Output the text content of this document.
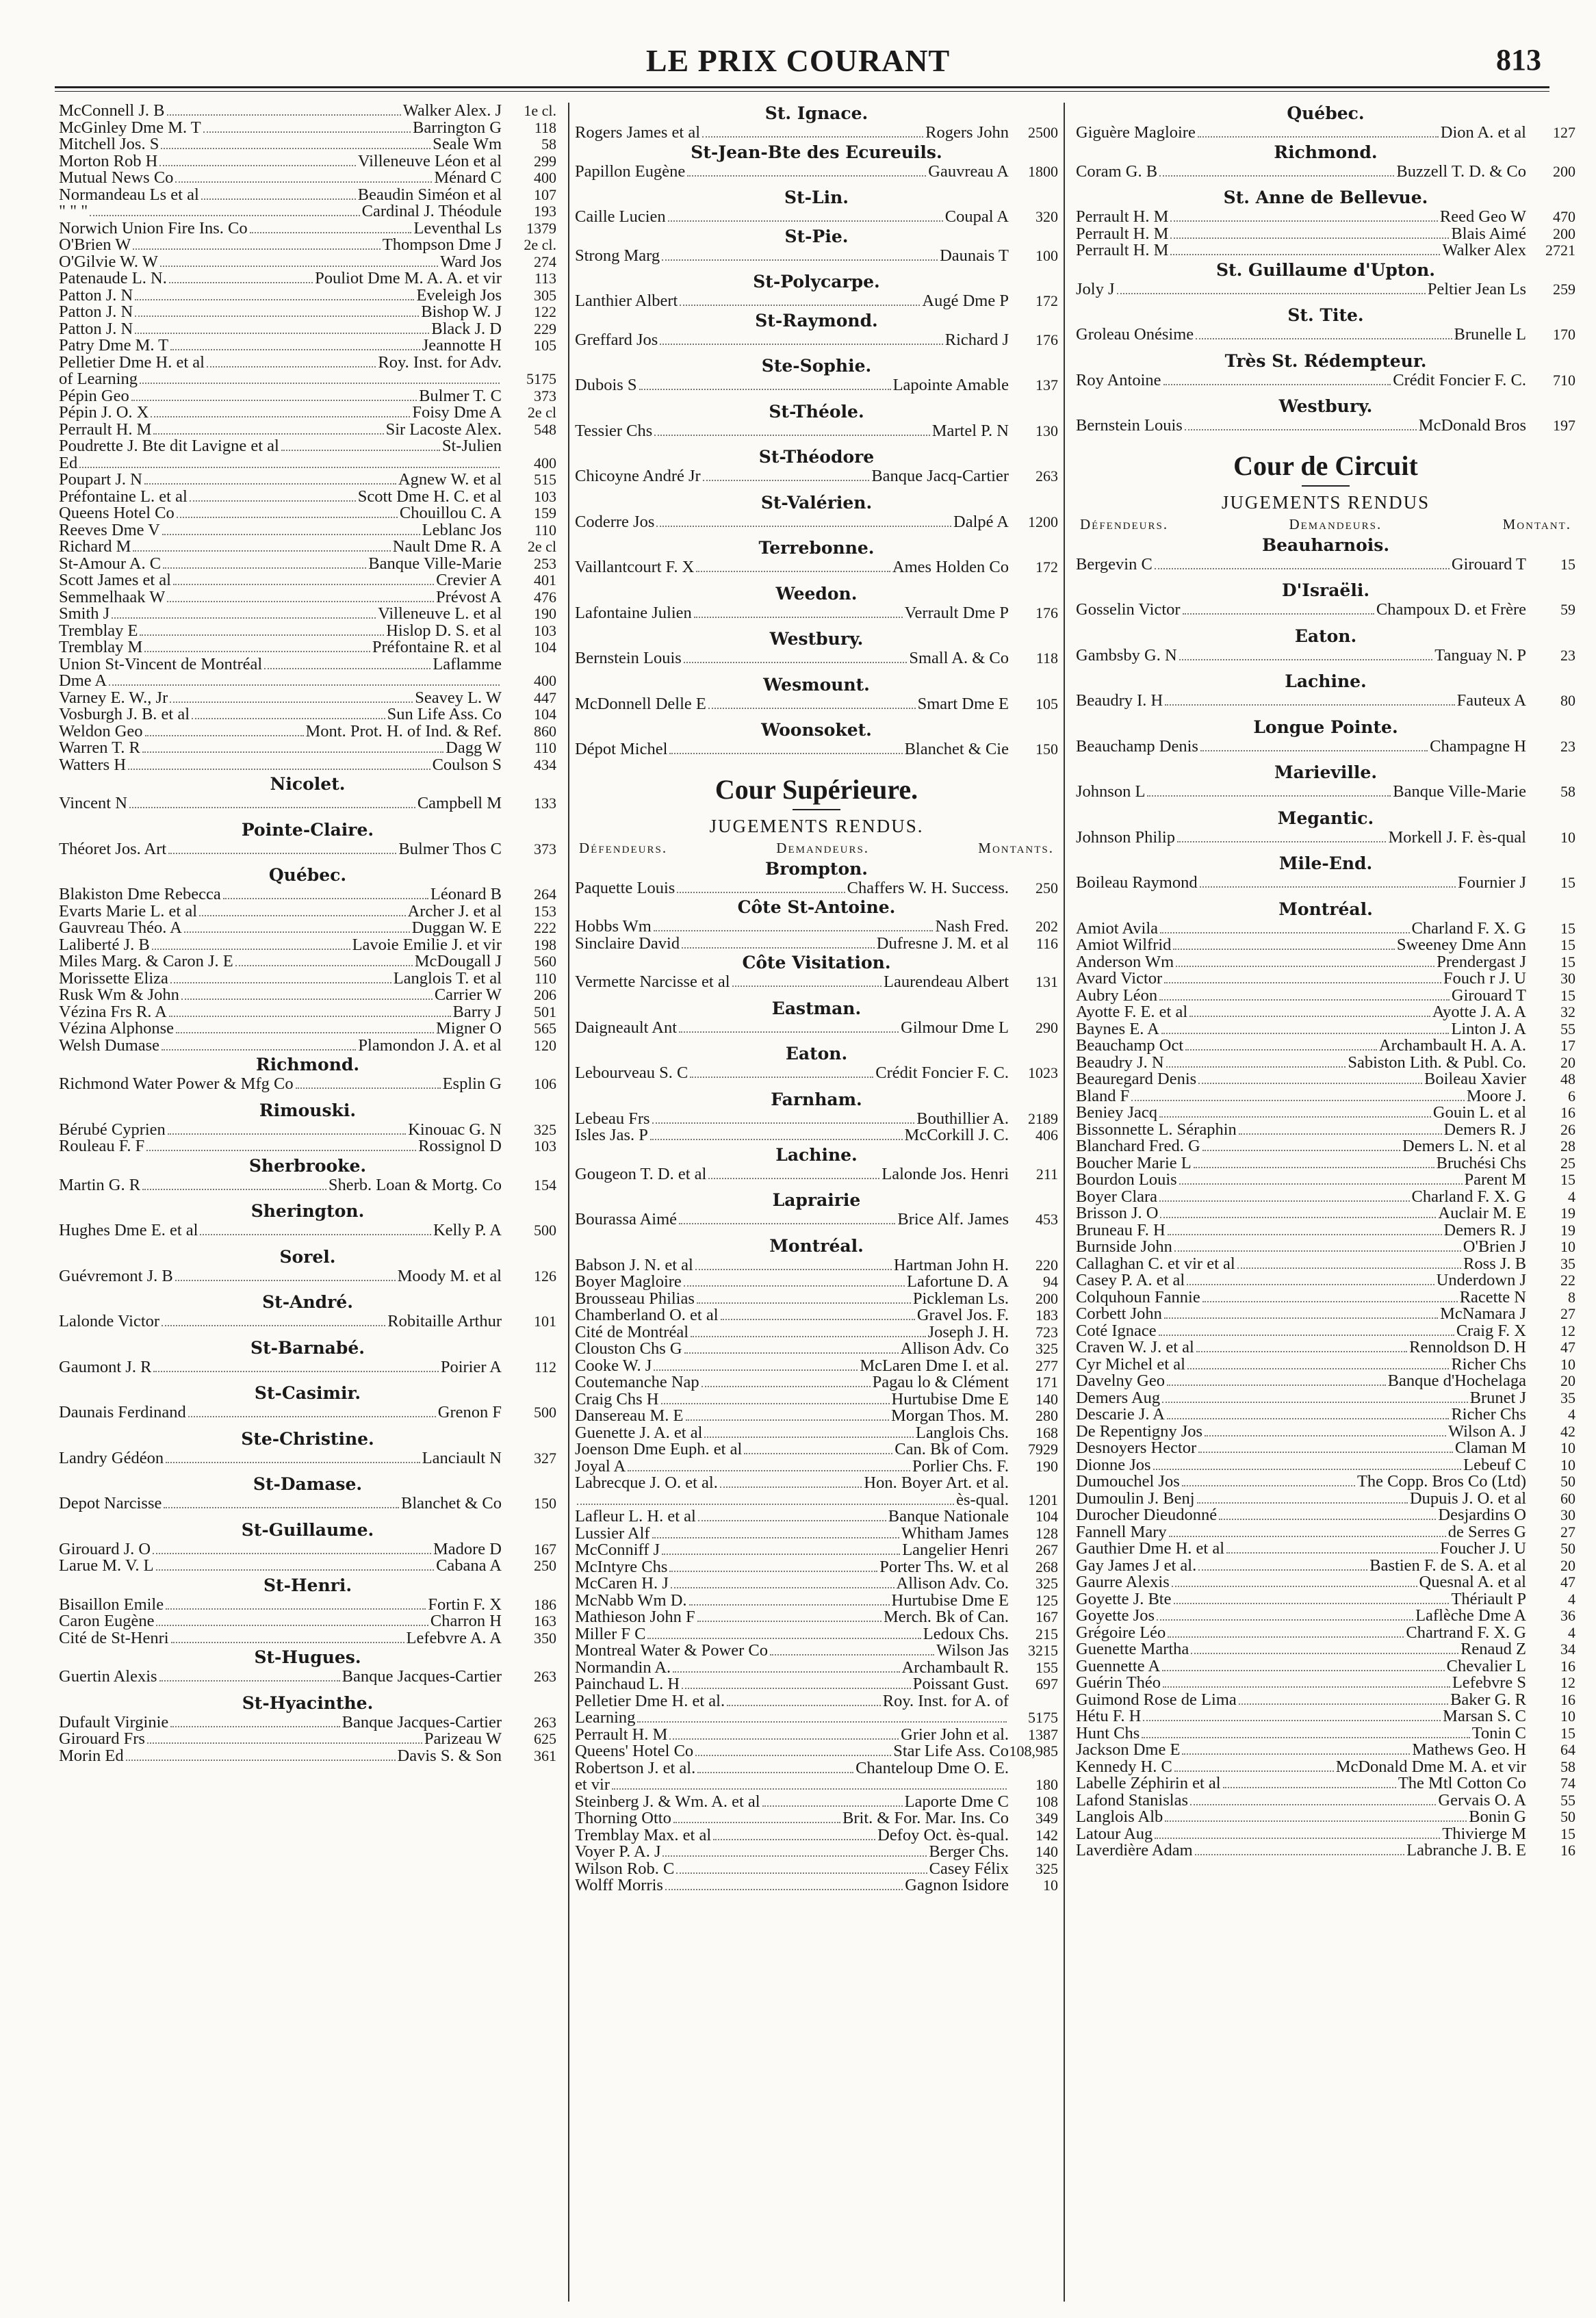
LE PRIX COURANT	813
McConnell J. B	Walker Alex. J	1e cl.
McGinley Dme M. T	Barrington G	118
Mitchell Jos. S	Seale Wm	58
Morton Rob H	Villeneuve Léon et al	299
Mutual News Co	Ménard C	400
Normandeau Ls et al	Beaudin Siméon et al	107
" " "	Cardinal J. Théodule	193
Norwich Union Fire Ins. Co	Leventhal Ls	1379
O'Brien W	Thompson Dme J	2e cl.
O'Gilvie W. W	Ward Jos	274
Patenaude L. N.	Pouliot Dme M. A. A. et vir	113
Patton J. N	Eveleigh Jos	305
Patton J. N	Bishop W. J	122
Patton J. N	Black J. D	229
Patry Dme M. T	Jeannotte H	105
Pelletier Dme H. et al	Roy. Inst. for Adv.
of Learning	5175
Pépin Geo	Bulmer T. C	373
Pépin J. O. X	Foisy Dme A	2e cl
Perrault H. M	Sir Lacoste Alex.	548
Poudrette J. Bte dit Lavigne et al	St-Julien
Ed	400
Poupart J. N	Agnew W. et al	515
Préfontaine L. et al	Scott Dme H. C. et al	103
Queens Hotel Co	Chouillou C. A	159
Reeves Dme V	Leblanc Jos	110
Richard M	Nault Dme R. A	2e cl
St-Amour A. C	Banque Ville-Marie	253
Scott James et al	Crevier A	401
Semmelhaak W	Prévost A	476
Smith J	Villeneuve L. et al	190
Tremblay E	Hislop D. S. et al	103
Tremblay M	Préfontaine R. et al	104
Union St-Vincent de Montréal	Laflamme
Dme A	400
Varney E. W., Jr	Seavey L. W	447
Vosburgh J. B. et al	Sun Life Ass. Co	104
Weldon Geo	Mont. Prot. H. of Ind. & Ref.	860
Warren T. R	Dagg W	110
Watters H	Coulson S	434
Nicolet.
Vincent N	Campbell M	133
Pointe-Claire.
Théoret Jos. Art	Bulmer Thos C	373
Québec.
Blakiston Dme Rebecca	Léonard B	264
Evarts Marie L. et al	Archer J. et al	153
Gauvreau Théo. A	Duggan W. E	222
Laliberté J. B	Lavoie Emilie J. et vir	198
Miles Marg. & Caron J. E	McDougall J	560
Morissette Eliza	Langlois T. et al	110
Rusk Wm & John	Carrier W	206
Vézina Frs R. A	Barry J	501
Vézina Alphonse	Migner O	565
Welsh Dumase	Plamondon J. A. et al	120
Richmond.
Richmond Water Power & Mfg Co	Esplin G	106
Rimouski.
Bérubé Cyprien	Kinouac G. N	325
Rouleau F. F	Rossignol D	103
Sherbrooke.
Martin G. R	Sherb. Loan & Mortg. Co	154
Sherington.
Hughes Dme E. et al	Kelly P. A	500
Sorel.
Guévremont J. B	Moody M. et al	126
St-André.
Lalonde Victor	Robitaille Arthur	101
St-Barnabé.
Gaumont J. R	Poirier A	112
St-Casimir.
Daunais Ferdinand	Grenon F	500
Ste-Christine.
Landry Gédéon	Lanciault N	327
St-Damase.
Depot Narcisse	Blanchet & Co	150
St-Guillaume.
Girouard J. O	Madore D	167
Larue M. V. L	Cabana A	250
St-Henri.
Bisaillon Emile	Fortin F. X	186
Caron Eugène	Charron H	163
Cité de St-Henri	Lefebvre A. A	350
St-Hugues.
Guertin Alexis	Banque Jacques-Cartier	263
St-Hyacinthe.
Dufault Virginie	Banque Jacques-Cartier	263
Girouard Frs	Parizeau W	625
Morin Ed	Davis S. & Son	361
St. Ignace.
Rogers James et al	Rogers John	2500
St-Jean-Bte des Ecureuils.
Papillon Eugène	Gauvreau A	1800
St-Lin.
Caille Lucien	Coupal A	320
St-Pie.
Strong Marg	Daunais T	100
St-Polycarpe.
Lanthier Albert	Augé Dme P	172
St-Raymond.
Greffard Jos	Richard J	176
Ste-Sophie.
Dubois S	Lapointe Amable	137
St-Théole.
Tessier Chs	Martel P. N	130
St-Théodore
Chicoyne André Jr	Banque Jacq-Cartier	263
St-Valérien.
Coderre Jos	Dalpé A	1200
Terrebonne.
Vaillantcourt F. X	Ames Holden Co	172
Weedon.
Lafontaine Julien	Verrault Dme P	176
Westbury.
Bernstein Louis	Small A. & Co	118
Wesmount.
McDonnell Delle E	Smart Dme E	105
Woonsoket.
Dépot Michel	Blanchet & Cie	150
Cour Supérieure.
JUGEMENTS RENDUS.
Défendeurs.	Demandeurs.	Montants.
Brompton.
Paquette Louis	Chaffers W. H. Success.	250
Côte St-Antoine.
Hobbs Wm	Nash Fred.	202
Sinclaire David	Dufresne J. M. et al	116
Côte Visitation.
Vermette Narcisse et al	Laurendeau Albert	131
Eastman.
Daigneault Ant	Gilmour Dme L	290
Eaton.
Lebourveau S. C	Crédit Foncier F. C.	1023
Farnham.
Lebeau Frs	Bouthillier A.	2189
Isles Jas. P	McCorkill J. C.	406
Lachine.
Gougeon T. D. et al	Lalonde Jos. Henri	211
Laprairie
Bourassa Aimé	Brice Alf. James	453
Montréal.
Babson J. N. et al	Hartman John H.	220
Boyer Magloire	Lafortune D. A	94
Brousseau Philias	Pickleman Ls.	200
Chamberland O. et al	Gravel Jos. F.	183
Cité de Montréal	Joseph J. H.	723
Clouston Chs G	Allison Adv. Co	325
Cooke W. J	McLaren Dme I. et al.	277
Coutemanche Nap	Pagau lo & Clément	171
Craig Chs H	Hurtubise Dme E	140
Dansereau M. E	Morgan Thos. M.	280
Guenette J. A. et al	Langlois Chs.	168
Joenson Dme Euph. et al	Can. Bk of Com.	7929
Joyal A	Porlier Chs. F.	190
Labrecque J. O. et al.	Hon. Boyer Art. et al.
ès-qual.	1201
Lafleur L. H. et al	Banque Nationale	104
Lussier Alf	Whitham James	128
McConniff J	Langelier Henri	267
McIntyre Chs	Porter Ths. W. et al	268
McCaren H. J	Allison Adv. Co.	325
McNabb Wm D.	Hurtubise Dme E	125
Mathieson John F	Merch. Bk of Can.	167
Miller F C	Ledoux Chs.	215
Montreal Water & Power Co	Wilson Jas	3215
Normandin A.	Archambault R.	155
Painchaud L. H	Poissant Gust.	697
Pelletier Dme H. et al.	Roy. Inst. for A. of
Learning	5175
Perrault H. M	Grier John et al.	1387
Queens' Hotel Co	Star Life Ass. Co 108,985
Robertson J. et al.	Chanteloup Dme O. E.
et vir	180
Steinberg J. & Wm. A. et al	Laporte Dme C	108
Thorning Otto	Brit. & For. Mar. Ins. Co	349
Tremblay Max. et al	Defoy Oct. ès-qual.	142
Voyer P. A. J	Berger Chs.	140
Wilson Rob. C	Casey Félix	325
Wolff Morris	Gagnon Isidore	10
Québec.
Giguère Magloire	Dion A. et al	127
Richmond.
Coram G. B	Buzzell T. D. & Co	200
St. Anne de Bellevue.
Perrault H. M	Reed Geo W	470
Perrault H. M	Blais Aimé	200
Perrault H. M	Walker Alex	2721
St. Guillaume d'Upton.
Joly J	Peltier Jean Ls	259
St. Tite.
Groleau Onésime	Brunelle L	170
Très St. Rédempteur.
Roy Antoine	Crédit Foncier F. C.	710
Westbury.
Bernstein Louis	McDonald Bros	197
Cour de Circuit
JUGEMENTS RENDUS
Défendeurs.	Demandeurs.	Montant.
Beauharnois.
Bergevin C	Girouard T	15
D'Israëli.
Gosselin Victor	Champoux D. et Frère	59
Eaton.
Gambsby G. N	Tanguay N. P	23
Lachine.
Beaudry I. H	Fauteux A	80
Longue Pointe.
Beauchamp Denis	Champagne H	23
Marieville.
Johnson L	Banque Ville-Marie	58
Megantic.
Johnson Philip	Morkell J. F. ès-qual	10
Mile-End.
Boileau Raymond	Fournier J	15
Montréal.
Amiot Avila	Charland F. X. G	15
Amiot Wilfrid	Sweeney Dme Ann	15
Anderson Wm	Prendergast J	15
Avard Victor	Fouch r J. U	30
Aubry Léon	Girouard T	15
Ayotte F. E. et al	Ayotte J. A. A	32
Baynes E. A	Linton J. A	55
Beauchamp Oct	Archambault H. A. A.	17
Beaudry J. N	Sabiston Lith. & Publ. Co.	20
Beauregard Denis	Boileau Xavier	48
Bland F	Moore J.	6
Beniey Jacq	Gouin L. et al	16
Bissonnette L. Séraphin	Demers R. J	26
Blanchard Fred. G	Demers L. N. et al	28
Boucher Marie L	Bruchési Chs	25
Bourdon Louis	Parent M	15
Boyer Clara	Charland F. X. G	4
Brisson J. O	Auclair M. E	19
Bruneau F. H	Demers R. J	19
Burnside John	O'Brien J	10
Callaghan C. et vir et al	Ross J. B	35
Casey P. A. et al	Underdown J	22
Colquhoun Fannie	Racette N	8
Corbett John	McNamara J	27
Coté Ignace	Craig F. X	12
Craven W. J. et al	Rennoldson D. H	47
Cyr Michel et al	Richer Chs	10
Davelny Geo	Banque d'Hochelaga	20
Demers Aug	Brunet J	35
Descarie J. A	Richer Chs	4
De Repentigny Jos	Wilson A. J	42
Desnoyers Hector	Claman M	10
Dionne Jos	Lebeuf C	10
Dumouchel Jos	The Copp. Bros Co (Ltd)	50
Dumoulin J. Benj	Dupuis J. O. et al	60
Durocher Dieudonné	Desjardins O	30
Fannell Mary	de Serres G	27
Gauthier Dme H. et al	Foucher J. U	50
Gay James J et al.	Bastien F. de S. A. et al	20
Gaurre Alexis	Quesnal A. et al	47
Goyette J. Bte	Thériault P	4
Goyette Jos	Laflèche Dme A	36
Grégoire Léo	Chartrand F. X. G	4
Guenette Martha	Renaud Z	34
Guennette A	Chevalier L	16
Guérin Théo	Lefebvre S	12
Guimond Rose de Lima	Baker G. R	16
Hétu F. H	Marsan S. C	10
Hunt Chs	Tonin C	15
Jackson Dme E	Mathews Geo. H	64
Kennedy H. C	McDonald Dme M. A. et vir	58
Labelle Zéphirin et al	The Mtl Cotton Co	74
Lafond Stanislas	Gervais O. A	55
Langlois Alb	Bonin G	50
Latour Aug	Thivierge M	15
Laverdière Adam	Labranche J. B. E	16
